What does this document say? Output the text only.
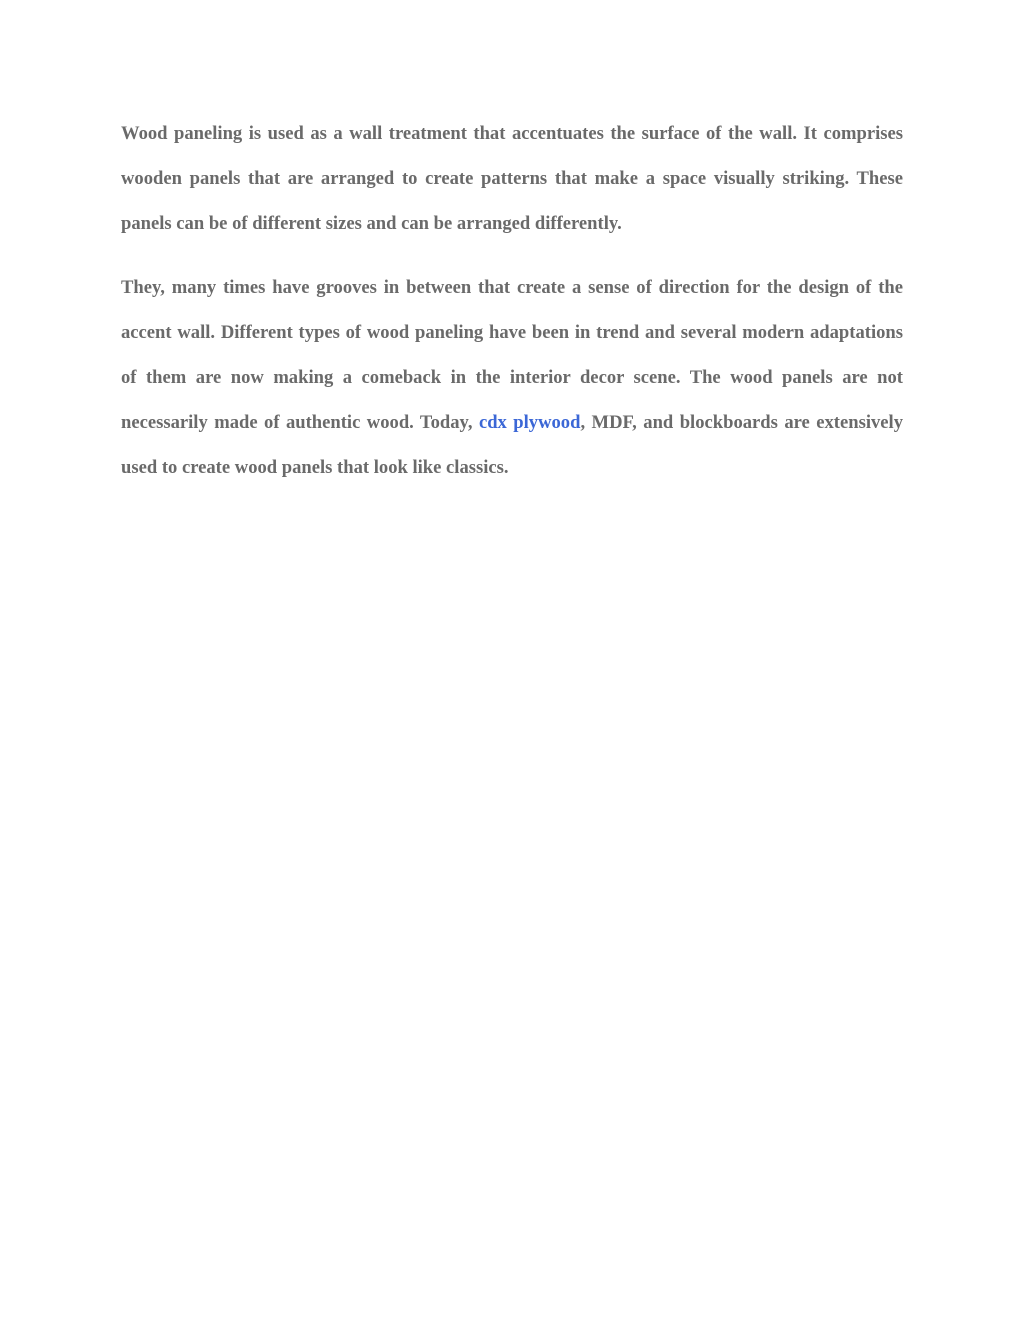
Wood paneling is used as a wall treatment that accentuates the surface of the wall. It comprises wooden panels that are arranged to create patterns that make a space visually striking. These panels can be of different sizes and can be arranged differently.

They, many times have grooves in between that create a sense of direction for the design of the accent wall. Different types of wood paneling have been in trend and several modern adaptations of them are now making a comeback in the interior decor scene. The wood panels are not necessarily made of authentic wood. Today, cdx plywood, MDF, and blockboards are extensively used to create wood panels that look like classics.
